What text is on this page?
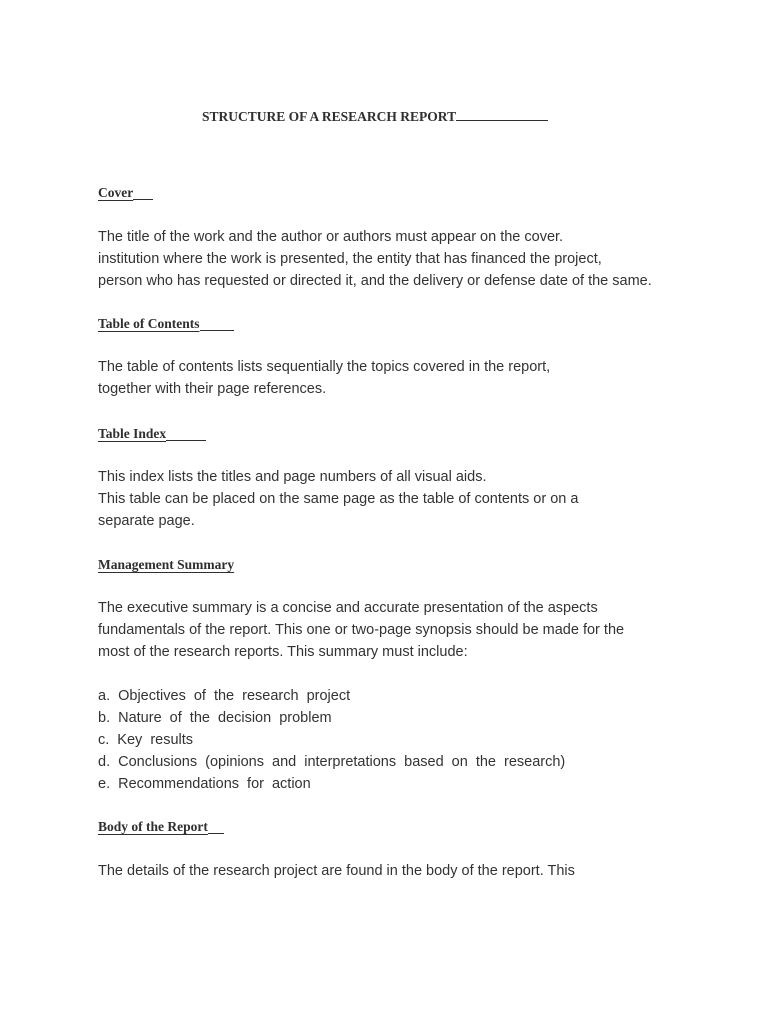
STRUCTURE OF A RESEARCH REPORT
Cover
The title of the work and the author or authors must appear on the cover.
institution where the work is presented, the entity that has financed the project,
person who has requested or directed it, and the delivery or defense date of the same.
Table of Contents
The table of contents lists sequentially the topics covered in the report,
together with their page references.
Table Index
This index lists the titles and page numbers of all visual aids.
This table can be placed on the same page as the table of contents or on a
separate page.
Management Summary
The executive summary is a concise and accurate presentation of the aspects
fundamentals of the report. This one or two-page synopsis should be made for the
most of the research reports. This summary must include:
a. Objectives of the research project
b. Nature of the decision problem
c. Key results
d. Conclusions (opinions and interpretations based on the research)
e. Recommendations for action
Body of the Report
The details of the research project are found in the body of the report. This
